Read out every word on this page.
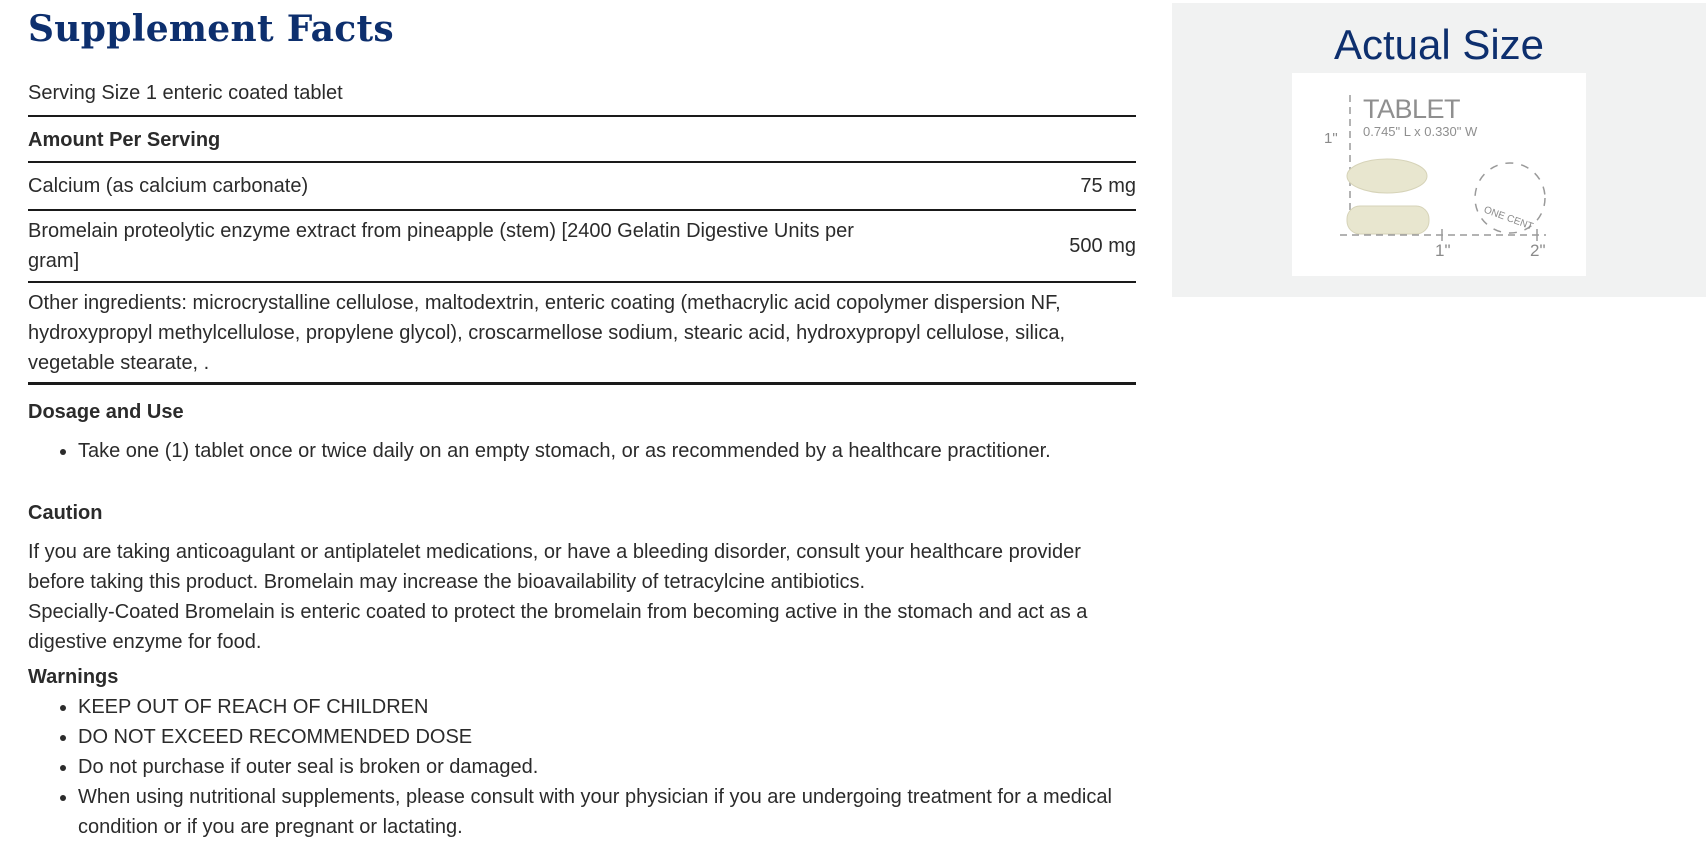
Supplement Facts
Serving Size 1 enteric coated tablet
Amount Per Serving
Calcium (as calcium carbonate)	75 mg
Bromelain proteolytic enzyme extract from pineapple (stem) [2400 Gelatin Digestive Units per gram]
500 mg
Other ingredients: microcrystalline cellulose, maltodextrin, enteric coating (methacrylic acid copolymer dispersion NF, hydroxypropyl methylcellulose, propylene glycol), croscarmellose sodium, stearic acid, hydroxypropyl cellulose, silica, vegetable stearate, .
Dosage and Use
• Take one (1) tablet once or twice daily on an empty stomach, or as recommended by a healthcare practitioner.
Caution
If you are taking anticoagulant or antiplatelet medications, or have a bleeding disorder, consult your healthcare provider before taking this product. Bromelain may increase the bioavailability of tetracylcine antibiotics.
Specially-Coated Bromelain is enteric coated to protect the bromelain from becoming active in the stomach and act as a digestive enzyme for food.
Warnings
• KEEP OUT OF REACH OF CHILDREN
• DO NOT EXCEED RECOMMENDED DOSE
• Do not purchase if outer seal is broken or damaged.
• When using nutritional supplements, please consult with your physician if you are undergoing treatment for a medical condition or if you are pregnant or lactating.
Actual Size
1"
TABLET
0.745" L x 0.330" W
1"	2"
ONE CENT
